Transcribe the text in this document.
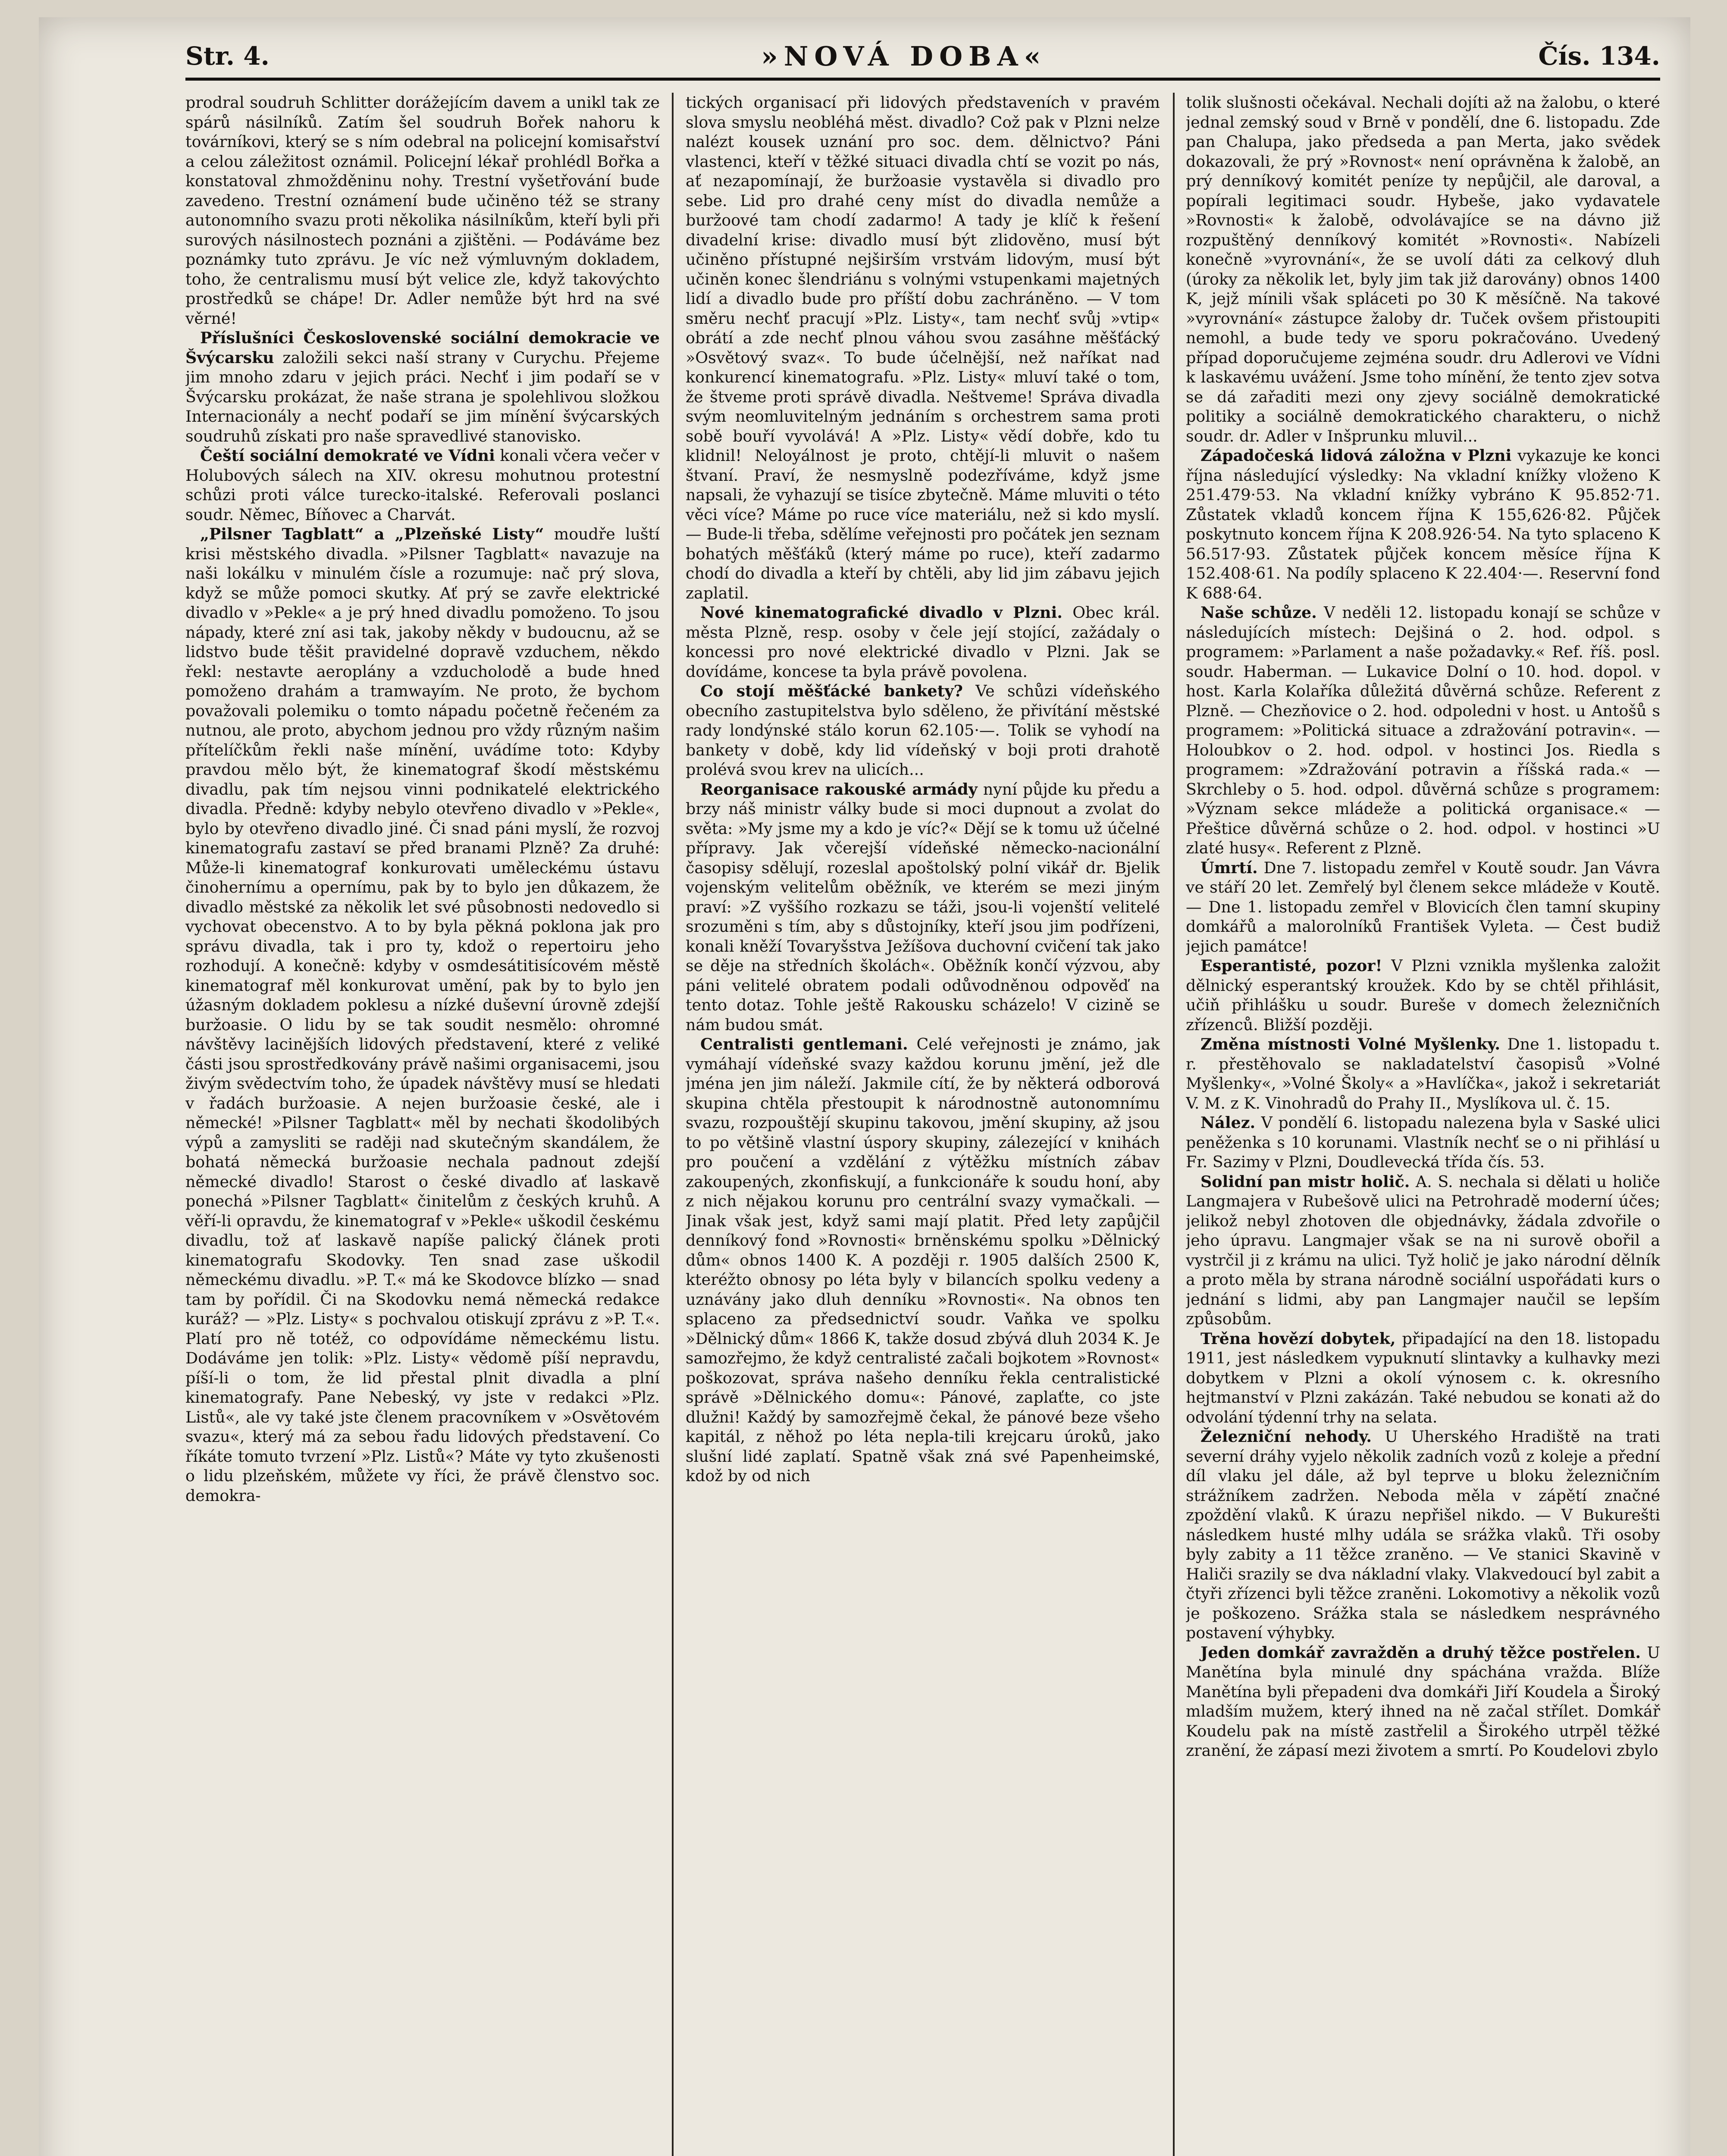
Str. 4.	»NOVÁ DOBA«	Čís. 134.

prodral soudruh Schlitter dorážejícím davem a unikl tak ze spárů násilníků. Zatím šel soudruh Bořek nahoru k továrníkovi, který se s ním odebral na policejní komisařství a celou záležitost oznámil. Policejní lékař prohlédl Bořka a konstatoval zhmožděninu nohy. Trestní vyšetřování bude zavedeno. Trestní oznámení bude učiněno též se strany autonomního svazu proti několika násilníkům, kteří byli při surových násilnostech poznáni a zjištěni. — Podáváme bez poznámky tuto zprávu. Je víc než výmluvným dokladem, toho, že centralismu musí být velice zle, když takovýchto prostředků se chápe! Dr. Adler nemůže být hrd na své věrné!

Příslušníci Československé sociální demokracie ve Švýcarsku založili sekci naší strany v Curychu. Přejeme jim mnoho zdaru v jejich práci. Nechť i jim podaří se v Švýcarsku prokázat, že naše strana je spolehlivou složkou Internacionály a nechť podaří se jim mínění švýcarských soudruhů získati pro naše spravedlivé stanovisko.

Čeští sociální demokraté ve Vídni konali včera večer v Holubových sálech na XIV. okresu mohutnou protestní schůzi proti válce turecko-italské. Referovali poslanci soudr. Němec, Bíňovec a Charvát.

„Pilsner Tagblatt“ a „Plzeňské Listy“ moudře luští krisi městského divadla. »Pilsner Tagblatt« navazuje na naši lokálku v minulém čísle a rozumuje: nač prý slova, když se může pomoci skutky. Ať prý se zavře elektrické divadlo v »Pekle« a je prý hned divadlu pomoženo. To jsou nápady, které zní asi tak, jakoby někdy v budoucnu, až se lidstvo bude těšit pravidelné dopravě vzduchem, někdo řekl: nestavte aeroplány a vzducholodě a bude hned pomoženo drahám a tramwayím. Ne proto, že bychom považovali polemiku o tomto nápadu početně řečeném za nutnou, ale proto, abychom jednou pro vždy různým našim přítelíčkům řekli naše mínění, uvádíme toto: Kdyby pravdou mělo být, že kinematograf škodí městskému divadlu, pak tím nejsou vinni podnikatelé elektrického divadla. Předně: kdyby nebylo otevřeno divadlo v »Pekle«, bylo by otevřeno divadlo jiné. Či snad páni myslí, že rozvoj kinematografu zastaví se před branami Plzně? Za druhé: Může-li kinematograf konkurovati uměleckému ústavu činohernímu a opernímu, pak by to bylo jen důkazem, že divadlo městské za několik let své působnosti nedovedlo si vychovat obecenstvo. A to by byla pěkná poklona jak pro správu divadla, tak i pro ty, kdož o repertoiru jeho rozhodují. A konečně: kdyby v osmdesátitisícovém městě kinematograf měl konkurovat umění, pak by to bylo jen úžasným dokladem poklesu a nízké duševní úrovně zdejší buržoasie. O lidu by se tak soudit nesmělo: ohromné návštěvy lacinějších lidových představení, které z veliké části jsou sprostředkovány právě našimi organisacemi, jsou živým svědectvím toho, že úpadek návštěvy musí se hledati v řadách buržoasie. A nejen buržoasie české, ale i německé! »Pilsner Tagblatt« měl by nechati škodolibých výpů a zamysliti se raději nad skutečným skandálem, že bohatá německá buržoasie nechala padnout zdejší německé divadlo! Starost o české divadlo ať laskavě ponechá »Pilsner Tagblatt« činitelům z českých kruhů. A věří-li opravdu, že kinematograf v »Pekle« uškodil českému divadlu, tož ať laskavě napíše palický článek proti kinematografu Skodovky. Ten snad zase uškodil německému divadlu. »P. T.« má ke Skodovce blízko — snad tam by pořídil. Či na Skodovku nemá německá redakce kuráž? — »Plz. Listy« s pochvalou otiskují zprávu z »P. T.«. Platí pro ně totéž, co odpovídáme německému listu. Dodáváme jen tolik: »Plz. Listy« vědomě píší nepravdu, píší-li o tom, že lid přestal plnit divadla a plní kinematografy. Pane Nebeský, vy jste v redakci »Plz. Listů«, ale vy také jste členem pracovníkem v »Osvětovém svazu«, který má za sebou řadu lidových představení. Co říkáte tomuto tvrzení »Plz. Listů«? Máte vy tyto zkušenosti o lidu plzeňském, můžete vy říci, že právě členstvo soc. demokra-

tických organisací při lidových představeních v pravém slova smyslu neobléhá měst. divadlo? Což pak v Plzni nelze nalézt kousek uznání pro soc. dem. dělnictvo? Páni vlastenci, kteří v těžké situaci divadla chtí se vozit po nás, ať nezapomínají, že buržoasie vystavěla si divadlo pro sebe. Lid pro drahé ceny míst do divadla nemůže a buržoové tam chodí zadarmo! A tady je klíč k řešení divadelní krise: divadlo musí být zlidověno, musí být učiněno přístupné nejširším vrstvám lidovým, musí být učiněn konec šlendriánu s volnými vstupenkami majetných lidí a divadlo bude pro příští dobu zachráněno. — V tom směru nechť pracují »Plz. Listy«, tam nechť svůj »vtip« obrátí a zde nechť plnou váhou svou zasáhne měšťácký »Osvětový svaz«. To bude účelnější, než naříkat nad konkurencí kinematografu. »Plz. Listy« mluví také o tom, že štveme proti správě divadla. Neštveme! Správa divadla svým neomluvitelným jednáním s orchestrem sama proti sobě bouří vyvolává! A »Plz. Listy« vědí dobře, kdo tu klidnil! Neloyálnost je proto, chtějí-li mluvit o našem štvaní. Praví, že nesmyslně podezříváme, když jsme napsali, že vyhazují se tisíce zbytečně. Máme mluviti o této věci více? Máme po ruce více materiálu, než si kdo myslí. — Bude-li třeba, sdělíme veřejnosti pro počátek jen seznam bohatých měšťáků (který máme po ruce), kteří zadarmo chodí do divadla a kteří by chtěli, aby lid jim zábavu jejich zaplatil.

Nové kinematografické divadlo v Plzni. Obec král. města Plzně, resp. osoby v čele její stojící, zažádaly o koncessi pro nové elektrické divadlo v Plzni. Jak se dovídáme, koncese ta byla právě povolena.

Co stojí měšťácké bankety? Ve schůzi vídeňského obecního zastupitelstva bylo sděleno, že přivítání městské rady londýnské stálo korun 62.105·—. Tolik se vyhodí na bankety v době, kdy lid vídeňský v boji proti drahotě prolévá svou krev na ulicích...

Reorganisace rakouské armády nyní půjde ku předu a brzy náš ministr války bude si moci dupnout a zvolat do světa: »My jsme my a kdo je víc?« Dějí se k tomu už účelné přípravy. Jak včerejší vídeňské německo-nacionální časopisy sdělují, rozeslal apoštolský polní vikář dr. Bjelik vojenským velitelům oběžník, ve kterém se mezi jiným praví: »Z vyššího rozkazu se táži, jsou-li vojenští velitelé srozuměni s tím, aby s důstojníky, kteří jsou jim podřízeni, konali kněží Tovaryšstva Ježíšova duchovní cvičení tak jako se děje na středních školách«. Oběžník končí výzvou, aby páni velitelé obratem podali odůvodněnou odpověď na tento dotaz. Tohle ještě Rakousku scházelo! V cizině se nám budou smát.

Centralisti gentlemani. Celé veřejnosti je známo, jak vymáhají vídeňské svazy každou korunu jmění, jež dle jména jen jim náleží. Jakmile cítí, že by některá odborová skupina chtěla přestoupit k národnostně autonomnímu svazu, rozpouštějí skupinu takovou, jmění skupiny, až jsou to po většině vlastní úspory skupiny, zálezející v knihách pro poučení a vzdělání z výtěžku místních zábav zakoupených, zkonfiskují, a funkcionáře k soudu honí, aby z nich nějakou korunu pro centrální svazy vymačkali. — Jinak však jest, když sami mají platit. Před lety zapůjčil denníkový fond »Rovnosti« brněnskému spolku »Dělnický dům« obnos 1400 K. A později r. 1905 dalších 2500 K, kteréžto obnosy po léta byly v bilancích spolku vedeny a uznávány jako dluh denníku »Rovnosti«. Na obnos ten splaceno za předsednictví soudr. Vaňka ve spolku »Dělnický dům« 1866 K, takže dosud zbývá dluh 2034 K. Je samozřejmo, že když centralisté začali bojkotem »Rovnost« poškozovat, správa našeho denníku řekla centralistické správě »Dělnického domu«: Pánové, zaplaťte, co jste dlužni! Každý by samozřejmě čekal, že pánové beze všeho kapitál, z něhož po léta nepla-tili krejcaru úroků, jako slušní lidé zaplatí. Spatně však zná své Papenheimské, kdož by od nich

tolik slušnosti očekával. Nechali dojíti až na žalobu, o které jednal zemský soud v Brně v pondělí, dne 6. listopadu. Zde pan Chalupa, jako předseda a pan Merta, jako svědek dokazovali, že prý »Rovnost« není oprávněna k žalobě, an prý denníkový komitét peníze ty nepůjčil, ale daroval, a popírali legitimaci soudr. Hybeše, jako vydavatele »Rovnosti« k žalobě, odvolávajíce se na dávno již rozpuštěný denníkový komitét »Rovnosti«. Nabízeli konečně »vyrovnání«, že se uvolí dáti za celkový dluh (úroky za několik let, byly jim tak již darovány) obnos 1400 K, jejž mínili však spláceti po 30 K měsíčně. Na takové »vyrovnání« zástupce žaloby dr. Tuček ovšem přistoupiti nemohl, a bude tedy ve sporu pokračováno. Uvedený případ doporučujeme zejména soudr. dru Adlerovi ve Vídni k laskavému uvážení. Jsme toho mínění, že tento zjev sotva se dá zařaditi mezi ony zjevy sociálně demokratické politiky a sociálně demokratického charakteru, o nichž soudr. dr. Adler v Inšprunku mluvil...

Západočeská lidová záložna v Plzni vykazuje ke konci října následující výsledky: Na vkladní knížky vloženo K 251.479·53. Na vkladní knížky vybráno K 95.852·71. Zůstatek vkladů koncem října K 155,626·82. Půjček poskytnuto koncem října K 208.926·54. Na tyto splaceno K 56.517·93. Zůstatek půjček koncem měsíce října K 152.408·61. Na podíly splaceno K 22.404·—. Reservní fond K 688·64.

Naše schůze. V neděli 12. listopadu konají se schůze v následujících místech: Dejšiná o 2. hod. odpol. s programem: »Parlament a naše požadavky.« Ref. říš. posl. soudr. Haberman. — Lukavice Dolní o 10. hod. dopol. v host. Karla Kolaříka důležitá důvěrná schůze. Referent z Plzně. — Chezňovice o 2. hod. odpoledni v host. u Antošů s programem: »Politická situace a zdražování potravin«. — Holoubkov o 2. hod. odpol. v hostinci Jos. Riedla s programem: »Zdražování potravin a říšská rada.« — Skrchleby o 5. hod. odpol. důvěrná schůze s programem: »Význam sekce mládeže a politická organisace.« — Přeštice důvěrná schůze o 2. hod. odpol. v hostinci »U zlaté husy«. Referent z Plzně.

Úmrtí. Dne 7. listopadu zemřel v Koutě soudr. Jan Vávra ve stáří 20 let. Zemřelý byl členem sekce mládeže v Koutě. — Dne 1. listopadu zemřel v Blovicích člen tamní skupiny domkářů a malorolníků František Vyleta. — Čest budiž jejich památce!

Esperantisté, pozor! V Plzni vznikla myšlenka založit dělnický esperantský kroužek. Kdo by se chtěl přihlásit, učiň přihlášku u soudr. Bureše v domech železničních zřízenců. Bližší později.

Změna místnosti Volné Myšlenky. Dne 1. listopadu t. r. přestěhovalo se nakladatelství časopisů »Volné Myšlenky«, »Volné Školy« a »Havlíčka«, jakož i sekretariát V. M. z K. Vinohradů do Prahy II., Myslíkova ul. č. 15.

Nález. V pondělí 6. listopadu nalezena byla v Saské ulici peněženka s 10 korunami. Vlastník nechť se o ni přihlásí u Fr. Sazimy v Plzni, Doudlevecká třída čís. 53.

Solidní pan mistr holič. A. S. nechala si dělati u holiče Langmajera v Rubešově ulici na Petrohradě moderní účes; jelikož nebyl zhotoven dle objednávky, žádala zdvořile o jeho úpravu. Langmajer však se na ni surově obořil a vystrčil ji z krámu na ulici. Tyž holič je jako národní dělník a proto měla by strana národně sociální uspořádati kurs o jednání s lidmi, aby pan Langmajer naučil se lepším způsobům.

Trěna hovězí dobytek, připadající na den 18. listopadu 1911, jest následkem vypuknutí slintavky a kulhavky mezi dobytkem v Plzni a okolí výnosem c. k. okresního hejtmanství v Plzni zakázán. Také nebudou se konati až do odvolání týdenní trhy na selata.

Železniční nehody. U Uherského Hradiště na trati severní dráhy vyjelo několik zadních vozů z koleje a přední díl vlaku jel dále, až byl teprve u bloku železničním strážníkem zadržen. Neboda měla v zápětí značné zpoždění vlaků. K úrazu nepřišel nikdo. — V Bukurešti následkem husté mlhy udála se srážka vlaků. Tři osoby byly zabity a 11 těžce zraněno. — Ve stanici Skavině v Haliči srazily se dva nákladní vlaky. Vlakvedoucí byl zabit a čtyři zřízenci byli těžce zraněni. Lokomotivy a několik vozů je poškozeno. Srážka stala se následkem nesprávného postavení výhybky.

Jeden domkář zavražděn a druhý těžce postřelen. U Manětína byla minulé dny spáchána vražda. Blíže Manětína byli přepadeni dva domkáři Jiří Koudela a Široký mladším mužem, který ihned na ně začal střílet. Domkář Koudelu pak na místě zastřelil a Širokého utrpěl těžké zranění, že zápasí mezi životem a smrtí. Po Koudelovi zbylo
